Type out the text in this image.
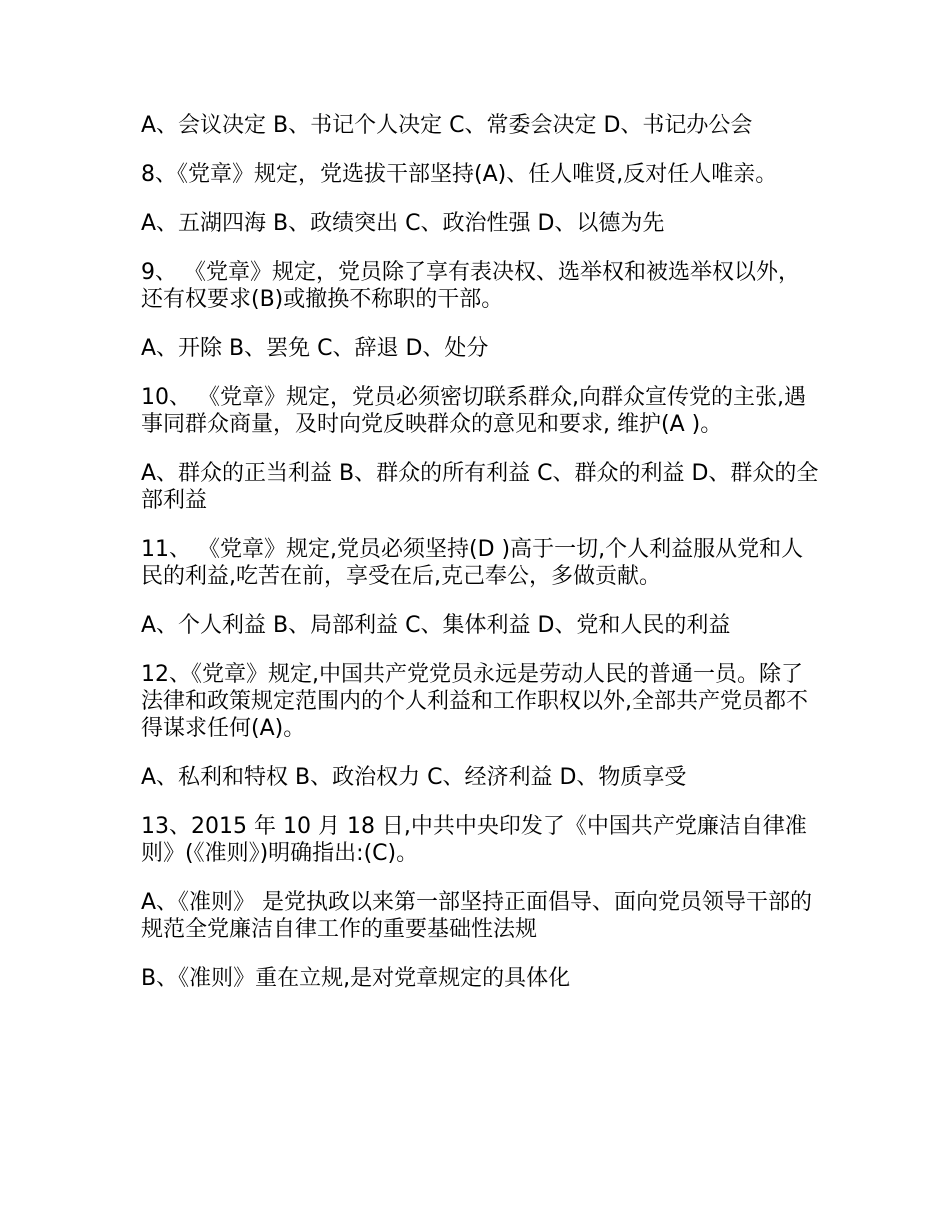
A、会议决定 B、书记个人决定 C、常委会决定 D、书记办公会

8、《党章》规定，党选拔干部坚持(A)、任人唯贤,反对任人唯亲。

A、五湖四海 B、政绩突出 C、政治性强 D、以德为先

9、 《党章》规定，党员除了享有表决权、选举权和被选举权以外，还有权要求(B)或撤换不称职的干部。

A、开除 B、罢免 C、辞退 D、处分

10、 《党章》规定，党员必须密切联系群众,向群众宣传党的主张,遇事同群众商量，及时向党反映群众的意见和要求, 维护(A )。

A、群众的正当利益 B、群众的所有利益 C、群众的利益 D、群众的全部利益

11、 《党章》规定,党员必须坚持(D )高于一切,个人利益服从党和人民的利益,吃苦在前，享受在后,克己奉公，多做贡献。

A、个人利益 B、局部利益 C、集体利益 D、党和人民的利益

12、《党章》规定,中国共产党党员永远是劳动人民的普通一员。除了法律和政策规定范围内的个人利益和工作职权以外,全部共产党员都不得谋求任何(A)。

A、私利和特权 B、政治权力 C、经济利益 D、物质享受

13、2015 年 10 月 18 日,中共中央印发了《中国共产党廉洁自律准则》(《准则》)明确指出:(C)。

A、《准则》 是党执政以来第一部坚持正面倡导、面向党员领导干部的规范全党廉洁自律工作的重要基础性法规

B、《准则》重在立规,是对党章规定的具体化
